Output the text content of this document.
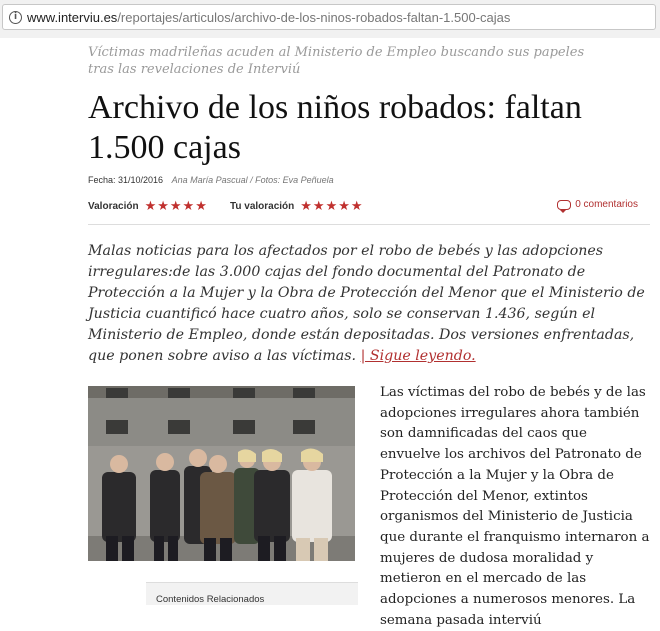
i www.interviu.es/reportajes/articulos/archivo-de-los-ninos-robados-faltan-1.500-cajas

Víctimas madrileñas acuden al Ministerio de Empleo buscando sus papeles tras las revelaciones de Interviú

Archivo de los niños robados: faltan 1.500 cajas
Fecha: 31/10/2016 Ana María Pascual / Fotos: Eva Peñuela
Valoración ★★★★★ Tu valoración ★★★★★	0 comentarios

Malas noticias para los afectados por el robo de bebés y las adopciones irregulares:de las 3.000 cajas del fondo documental del Patronato de Protección a la Mujer y la Obra de Protección del Menor que el Ministerio de Justicia cuantificó hace cuatro años, solo se conservan 1.436, según el Ministerio de Empleo, donde están depositadas. Dos versiones enfrentadas, que ponen sobre aviso a las víctimas. | Sigue leyendo.

Contenidos Relacionados

Las víctimas del robo de bebés y de las adopciones irregulares ahora también son damnificadas del caos que envuelve los archivos del Patronato de Protección a la Mujer y la Obra de Protección del Menor, extintos organismos del Ministerio de Justicia que durante el franquismo internaron a mujeres de dudosa moralidad y metieron en el mercado de las adopciones a numerosos menores. La semana pasada interviú
